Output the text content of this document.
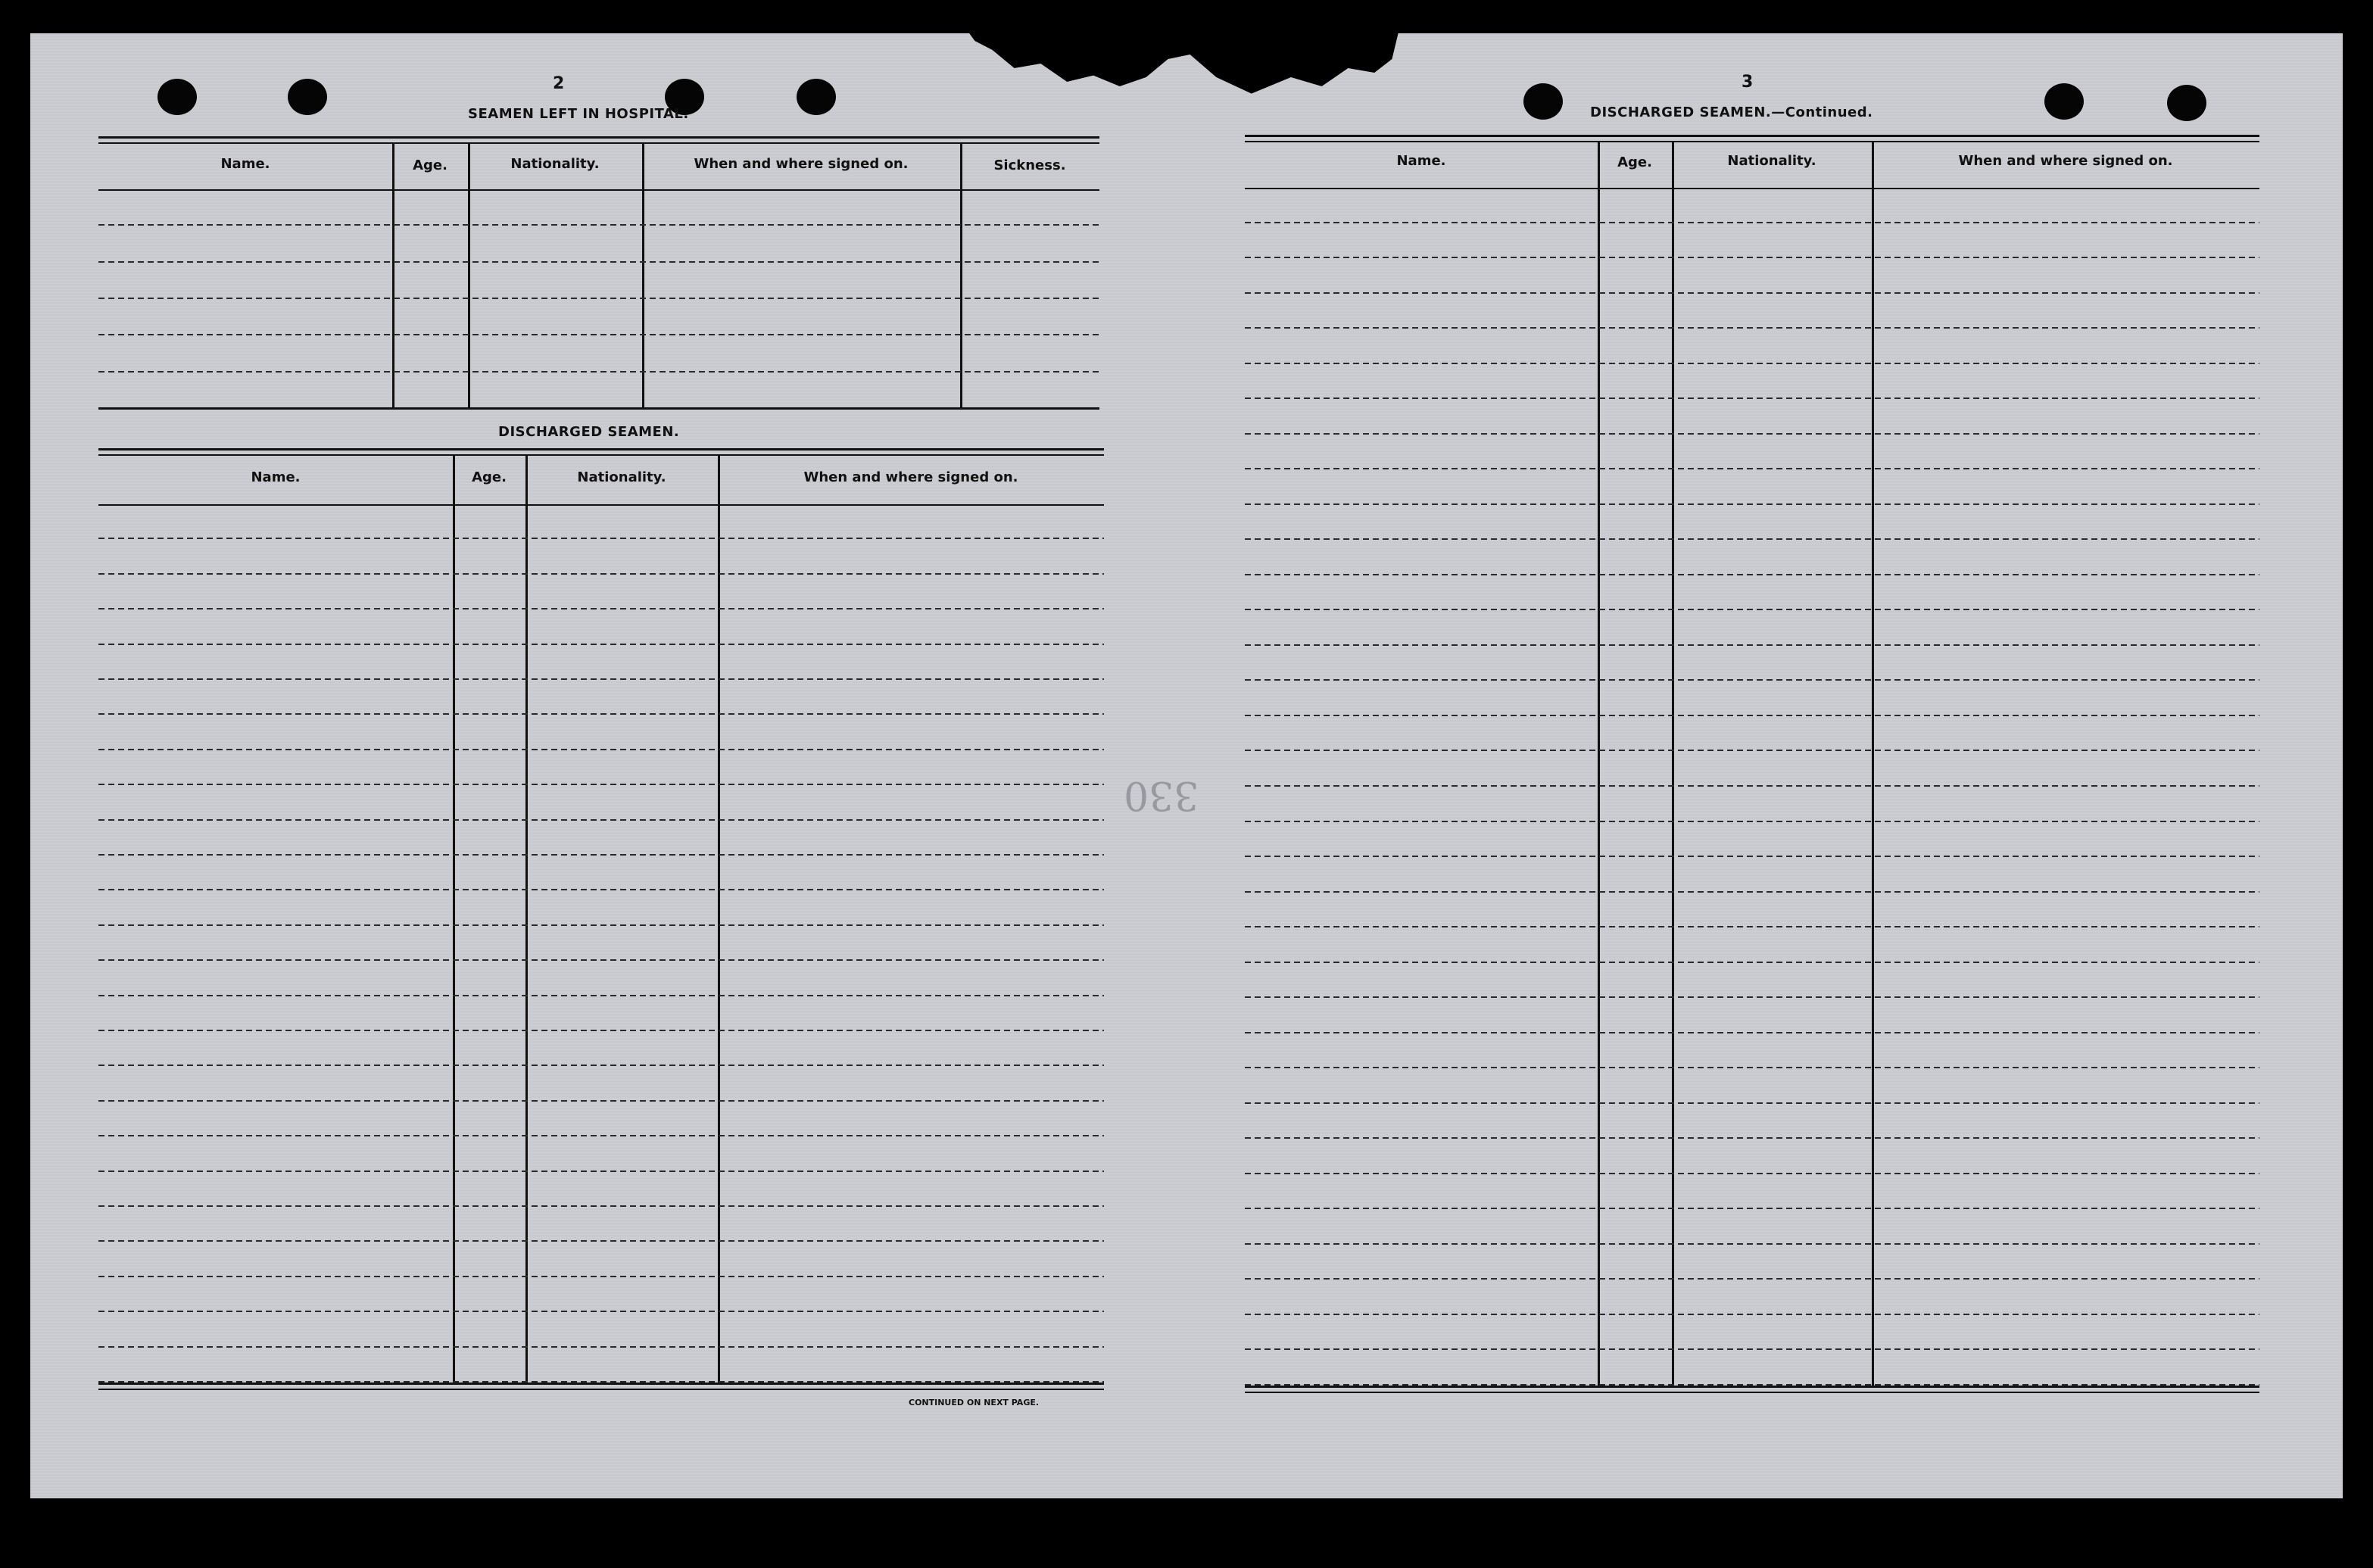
2
SEAMEN LEFT IN HOSPITAL.
Name.	Age.	Nationality.	When and where signed on.	Sickness.
DISCHARGED SEAMEN.
Name.	Age.	Nationality.	When and where signed on.
CONTINUED ON NEXT PAGE.
330
3
DISCHARGED SEAMEN.—Continued.
Name.	Age.	Nationality.	When and where signed on.
